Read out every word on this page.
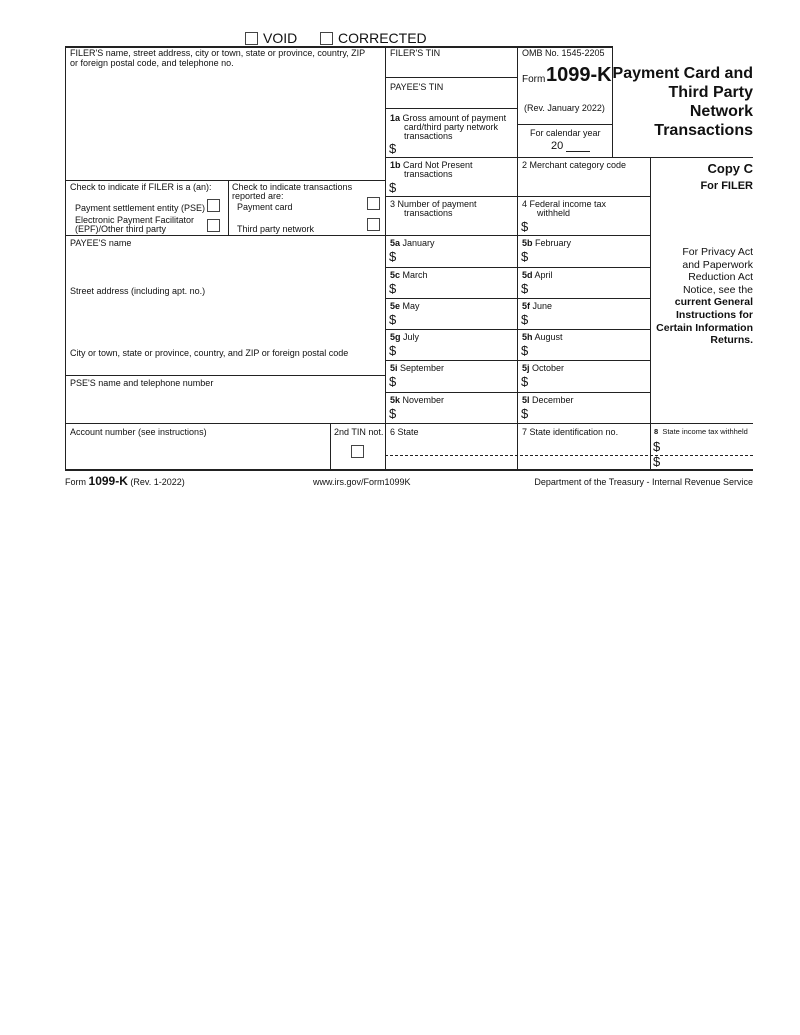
VOID	CORRECTED
FILER'S name, street address, city or town, state or province, country, ZIP
or foreign postal code, and telephone no.
FILER'S TIN
PAYEE'S TIN
OMB No. 1545-2205
Form 1099-K
(Rev. January 2022)
For calendar year
20
Payment Card and
Third Party
Network
Transactions
Copy C
For FILER
For Privacy Act
and Paperwork
Reduction Act
Notice, see the
current General
Instructions for
Certain Information
Returns.
1a Gross amount of payment
card/third party network
transactions
$
1b Card Not Present
transactions
$
2 Merchant category code
3 Number of payment
transactions
4 Federal income tax
withheld
$
Check to indicate if FILER is a (an):
Payment settlement entity (PSE)
Electronic Payment Facilitator
(EPF)/Other third party
Check to indicate transactions
reported are:
Payment card
Third party network
PAYEE'S name
Street address (including apt. no.)
City or town, state or province, country, and ZIP or foreign postal code
PSE'S name and telephone number
Account number (see instructions)	2nd TIN not.
5a January
$
5b February
$
5c March
$
5d April
$
5e May
$
5f June
$
5g July
$
5h August
$
5i September
$
5j October
$
5k November
$
5l December
$
6 State	7 State identification no.	8 State income tax withheld
$
$
Form 1099-K (Rev. 1-2022)	www.irs.gov/Form1099K	Department of the Treasury - Internal Revenue Service
